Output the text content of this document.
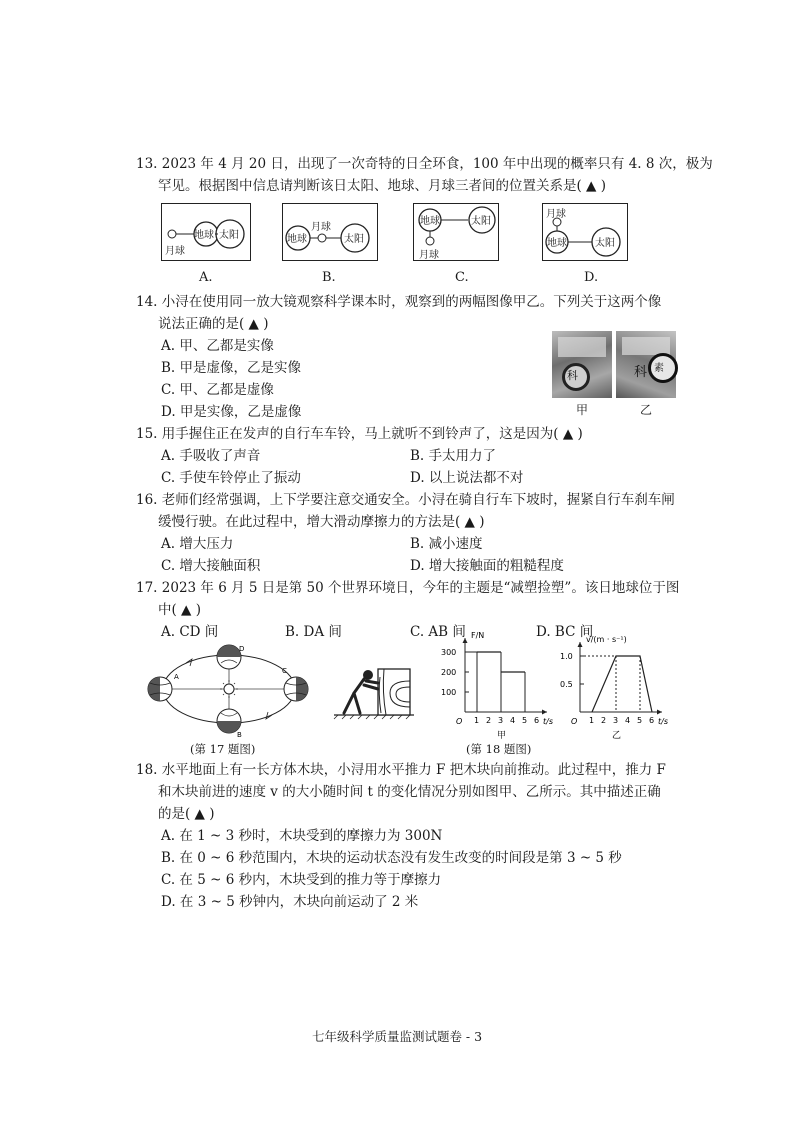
13. 2023 年 4 月 20 日，出现了一次奇特的日全环食，100 年中出现的概率只有 4. 8 次，极为
罕见。根据图中信息请判断该日太阳、地球、月球三者间的位置关系是( ▲ )
地球 太阳
月球
A.
地球
月球
太阳
B.
地球	太阳
月球
C.
月球
地球	太阳
D.
14. 小浔在使用同一放大镜观察科学课本时，观察到的两幅图像甲乙。下列关于这两个像
说法正确的是( ▲ )
A. 甲、乙都是实像
B. 甲是虚像，乙是实像
C. 甲、乙都是虚像
D. 甲是实像，乙是虚像
科	科 素
甲	乙
15. 用手握住正在发声的自行车车铃，马上就听不到铃声了，这是因为( ▲ )
A. 手吸收了声音	B. 手太用力了
C. 手使车铃停止了振动	D. 以上说法都不对
16. 老师们经常强调，上下学要注意交通安全。小浔在骑自行车下坡时，握紧自行车刹车闸
缓慢行驶。在此过程中，增大滑动摩擦力的方法是( ▲ )
A. 增大压力	B. 减小速度
C. 增大接触面积	D. 增大接触面的粗糙程度
17. 2023 年 6 月 5 日是第 50 个世界环境日，今年的主题是“减塑捡塑”。该日地球位于图
中( ▲ )
A. CD 间	B. DA 间	C. AB 间	D. BC 间
A
B
C
D
(第 17 题图)
O
F/N
t/s
甲
1 2 3 4 5 6
100
200
300
O
v/(m · s⁻¹)
t/s
乙
1 2 3 4 5 6
0.5
1.0
(第 18 题图)
18. 水平地面上有一长方体木块，小浔用水平推力 F 把木块向前推动。此过程中，推力 F
和木块前进的速度 v 的大小随时间 t 的变化情况分别如图甲、乙所示。其中描述正确
的是( ▲ )
A. 在 1 ~ 3 秒时，木块受到的摩擦力为 300N
B. 在 0 ~ 6 秒范围内，木块的运动状态没有发生改变的时间段是第 3 ~ 5 秒
C. 在 5 ~ 6 秒内，木块受到的推力等于摩擦力
D. 在 3 ~ 5 秒钟内，木块向前运动了 2 米
七年级科学质量监测试题卷 - 3
